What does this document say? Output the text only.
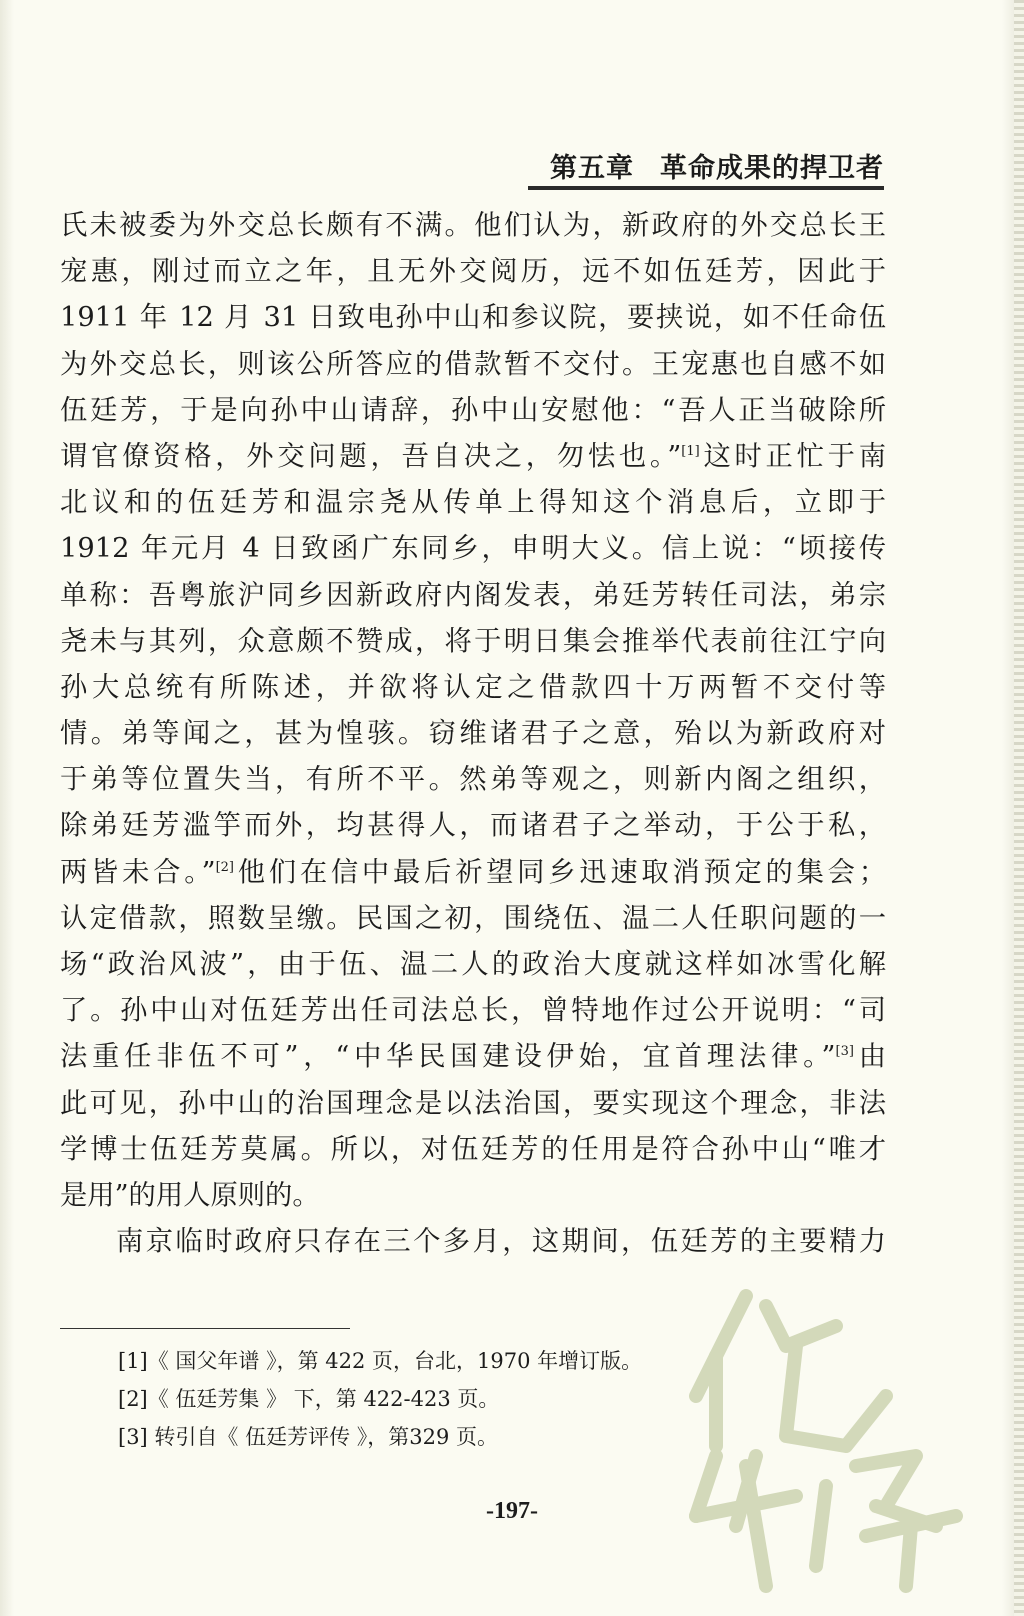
第五章 革命成果的捍卫者
氏未被委为外交总长颇有不满。他们认为，新政府的外交总长王
宠惠，刚过而立之年，且无外交阅历，远不如伍廷芳，因此于
1911 年 12 月 31 日致电孙中山和参议院，要挟说，如不任命伍
为外交总长，则该公所答应的借款暂不交付。王宠惠也自感不如
伍廷芳，于是向孙中山请辞，孙中山安慰他：“吾人正当破除所
谓官僚资格，外交问题，吾自决之，勿怯也。”[1]这时正忙于南
北议和的伍廷芳和温宗尧从传单上得知这个消息后，立即于
1912 年元月 4 日致函广东同乡，申明大义。信上说：“顷接传
单称：吾粤旅沪同乡因新政府内阁发表，弟廷芳转任司法，弟宗
尧未与其列，众意颇不赞成，将于明日集会推举代表前往江宁向
孙大总统有所陈述，并欲将认定之借款四十万两暂不交付等
情。弟等闻之，甚为惶骇。窃维诸君子之意，殆以为新政府对
于弟等位置失当，有所不平。然弟等观之，则新内阁之组织，
除弟廷芳滥竽而外，均甚得人，而诸君子之举动，于公于私，
两皆未合。”[2]他们在信中最后祈望同乡迅速取消预定的集会；
认定借款，照数呈缴。民国之初，围绕伍、温二人任职问题的一
场“政治风波”，由于伍、温二人的政治大度就这样如冰雪化解
了。孙中山对伍廷芳出任司法总长，曾特地作过公开说明：“司
法重任非伍不可”，“中华民国建设伊始，宜首理法律。”[3]由
此可见，孙中山的治国理念是以法治国，要实现这个理念，非法
学博士伍廷芳莫属。所以，对伍廷芳的任用是符合孙中山“唯才
是用”的用人原则的。
南京临时政府只存在三个多月，这期间，伍廷芳的主要精力
[1]《 国父年谱 》，第 422 页，台北，1970 年增订版。
[2]《 伍廷芳集 》 下，第 422-423 页。
[3] 转引自《 伍廷芳评传 》，第329 页。
-197-
